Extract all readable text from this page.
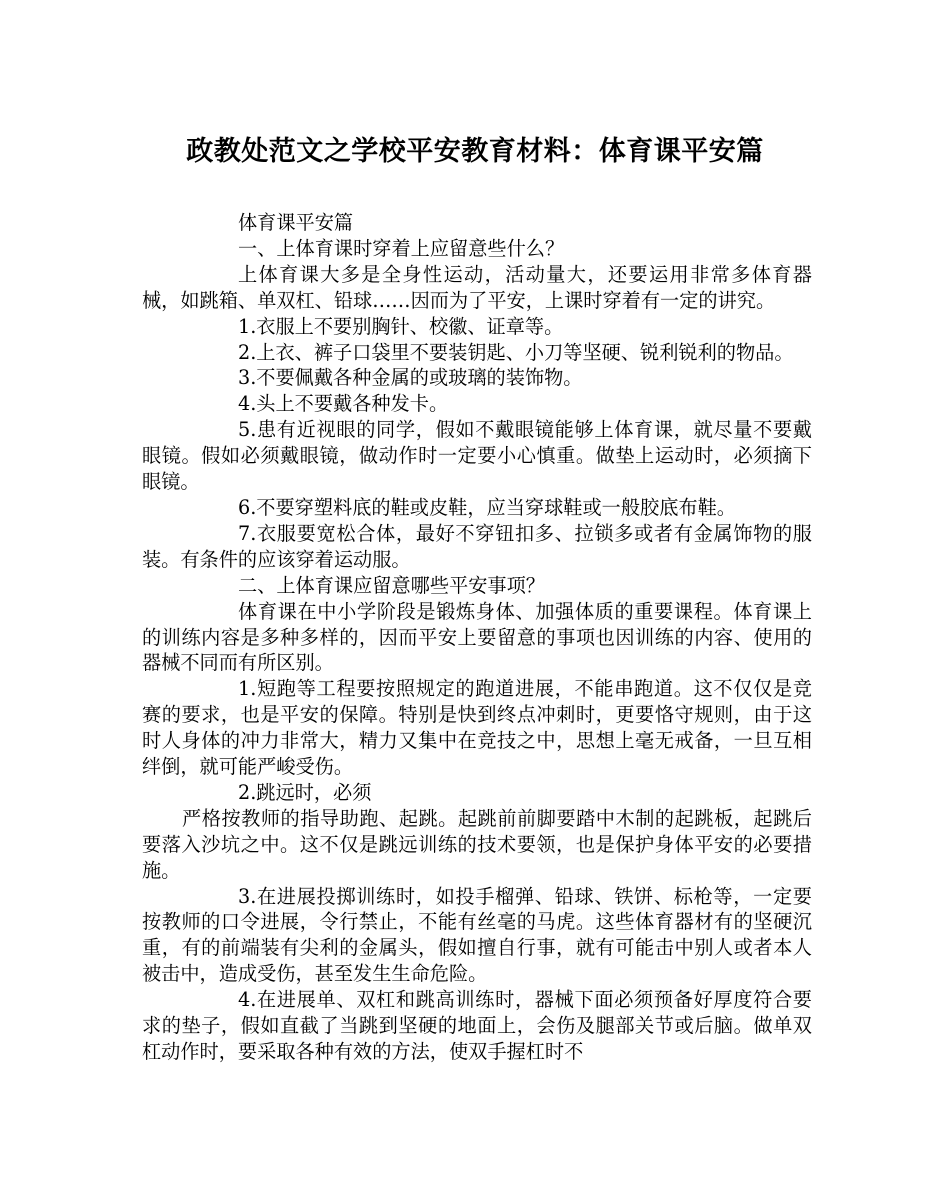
政教处范文之学校平安教育材料：体育课平安篇

体育课平安篇

一、上体育课时穿着上应留意些什么？

上体育课大多是全身性运动，活动量大，还要运用非常多体育器械，如跳箱、单双杠、铅球……因而为了平安，上课时穿着有一定的讲究。

1.衣服上不要别胸针、校徽、证章等。

2.上衣、裤子口袋里不要装钥匙、小刀等坚硬、锐利锐利的物品。

3.不要佩戴各种金属的或玻璃的装饰物。

4.头上不要戴各种发卡。

5.患有近视眼的同学，假如不戴眼镜能够上体育课，就尽量不要戴眼镜。假如必须戴眼镜，做动作时一定要小心慎重。做垫上运动时，必须摘下眼镜。

6.不要穿塑料底的鞋或皮鞋，应当穿球鞋或一般胶底布鞋。

7.衣服要宽松合体，最好不穿钮扣多、拉锁多或者有金属饰物的服装。有条件的应该穿着运动服。

二、上体育课应留意哪些平安事项？

体育课在中小学阶段是锻炼身体、加强体质的重要课程。体育课上的训练内容是多种多样的，因而平安上要留意的事项也因训练的内容、使用的器械不同而有所区别。

1.短跑等工程要按照规定的跑道进展，不能串跑道。这不仅仅是竞赛的要求，也是平安的保障。特别是快到终点冲刺时，更要恪守规则，由于这时人身体的冲力非常大，精力又集中在竞技之中，思想上毫无戒备，一旦互相绊倒，就可能严峻受伤。

2.跳远时，必须

严格按教师的指导助跑、起跳。起跳前前脚要踏中木制的起跳板，起跳后要落入沙坑之中。这不仅是跳远训练的技术要领，也是保护身体平安的必要措施。

3.在进展投掷训练时，如投手榴弹、铅球、铁饼、标枪等，一定要按教师的口令进展，令行禁止，不能有丝毫的马虎。这些体育器材有的坚硬沉重，有的前端装有尖利的金属头，假如擅自行事，就有可能击中别人或者本人被击中，造成受伤，甚至发生生命危险。

4.在进展单、双杠和跳高训练时，器械下面必须预备好厚度符合要求的垫子，假如直截了当跳到坚硬的地面上，会伤及腿部关节或后脑。做单双杠动作时，要采取各种有效的方法，使双手握杠时不
